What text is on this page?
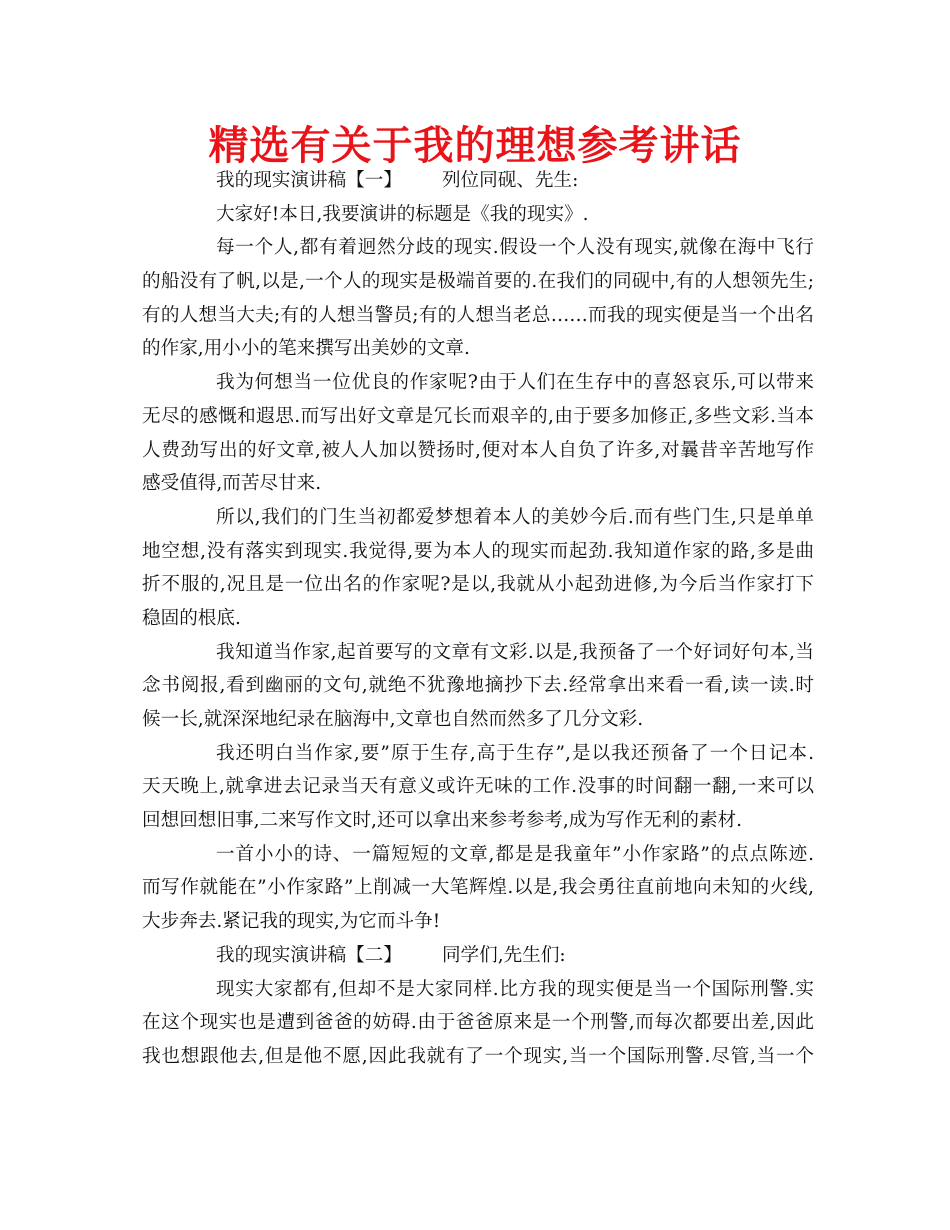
精选有关于我的理想参考讲话
我的现实演讲稿【一】 列位同砚、先生:
大家好!本日,我要演讲的标题是《我的现实》.
每一个人,都有着迥然分歧的现实.假设一个人没有现实,就像在海中飞行
的船没有了帆,以是,一个人的现实是极端首要的.在我们的同砚中,有的人想领先生;
有的人想当大夫;有的人想当警员;有的人想当老总……而我的现实便是当一个出名
的作家,用小小的笔来撰写出美妙的文章.
我为何想当一位优良的作家呢?由于人们在生存中的喜怒哀乐,可以带来
无尽的感慨和遐思.而写出好文章是冗长而艰辛的,由于要多加修正,多些文彩.当本
人费劲写出的好文章,被人人加以赞扬时,便对本人自负了许多,对曩昔辛苦地写作
感受值得,而苦尽甘来.
所以,我们的门生当初都爱梦想着本人的美妙今后.而有些门生,只是单单
地空想,没有落实到现实.我觉得,要为本人的现实而起劲.我知道作家的路,多是曲
折不服的,况且是一位出名的作家呢?是以,我就从小起劲进修,为今后当作家打下
稳固的根底.
我知道当作家,起首要写的文章有文彩.以是,我预备了一个好词好句本,当
念书阅报,看到幽丽的文句,就绝不犹豫地摘抄下去.经常拿出来看一看,读一读.时
候一长,就深深地纪录在脑海中,文章也自然而然多了几分文彩.
我还明白当作家,要”原于生存,高于生存”,是以我还预备了一个日记本.
天天晚上,就拿进去记录当天有意义或许无味的工作.没事的时间翻一翻,一来可以
回想回想旧事,二来写作文时,还可以拿出来参考参考,成为写作无利的素材.
一首小小的诗、一篇短短的文章,都是是我童年”小作家路”的点点陈迹.
而写作就能在”小作家路”上削减一大笔辉煌.以是,我会勇往直前地向未知的火线,
大步奔去.紧记我的现实,为它而斗争!
我的现实演讲稿【二】 同学们,先生们:
现实大家都有,但却不是大家同样.比方我的现实便是当一个国际刑警.实
在这个现实也是遭到爸爸的妨碍.由于爸爸原来是一个刑警,而每次都要出差,因此
我也想跟他去,但是他不愿,因此我就有了一个现实,当一个国际刑警.尽管,当一个
